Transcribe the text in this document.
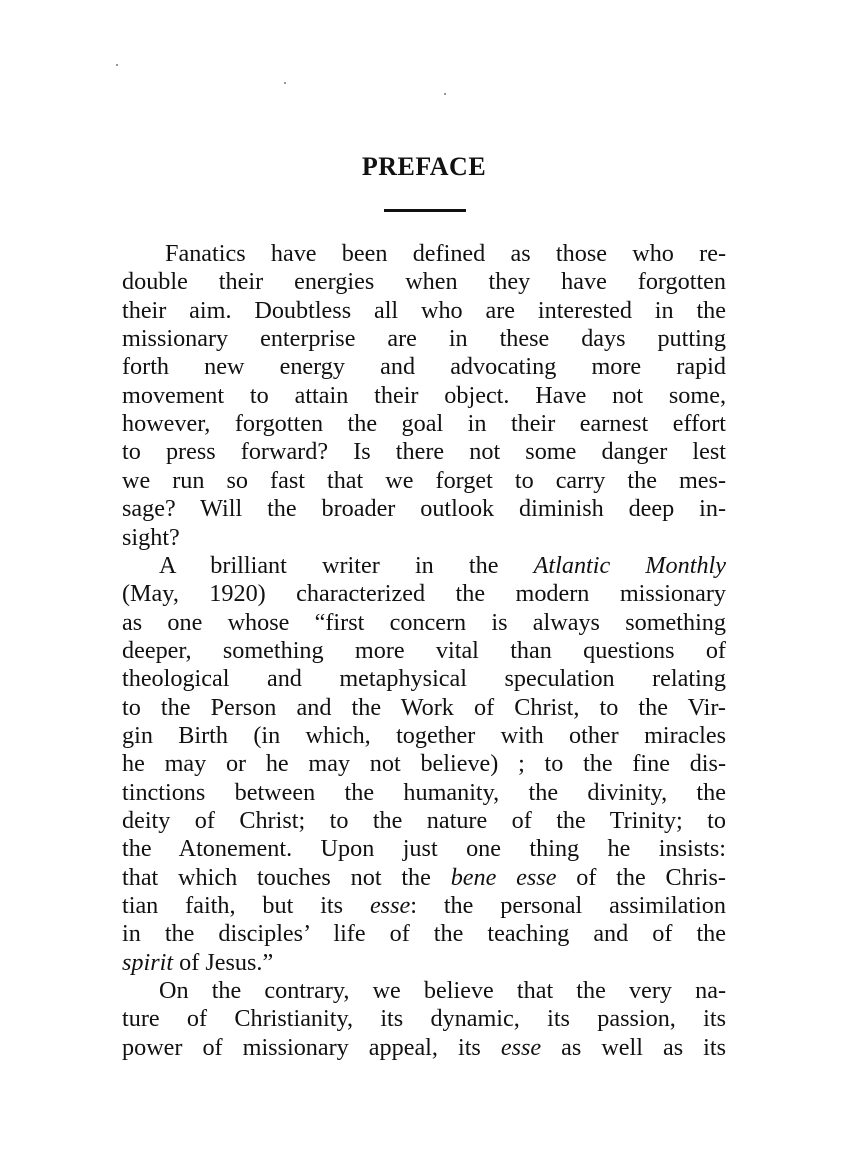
PREFACE
Fanatics have been defined as those who re-
double their energies when they have forgotten
their aim. Doubtless all who are interested in the
missionary enterprise are in these days putting
forth new energy and advocating more rapid
movement to attain their object. Have not some,
however, forgotten the goal in their earnest effort
to press forward? Is there not some danger lest
we run so fast that we forget to carry the mes-
sage? Will the broader outlook diminish deep in-
sight?
A brilliant writer in the Atlantic Monthly
(May, 1920) characterized the modern missionary
as one whose “first concern is always something
deeper, something more vital than questions of
theological and metaphysical speculation relating
to the Person and the Work of Christ, to the Vir-
gin Birth (in which, together with other miracles
he may or he may not believe) ; to the fine dis-
tinctions between the humanity, the divinity, the
deity of Christ; to the nature of the Trinity; to
the Atonement. Upon just one thing he insists:
that which touches not the bene esse of the Chris-
tian faith, but its esse: the personal assimilation
in the disciples’ life of the teaching and of the
spirit of Jesus.”
On the contrary, we believe that the very na-
ture of Christianity, its dynamic, its passion, its
power of missionary appeal, its esse as well as its
